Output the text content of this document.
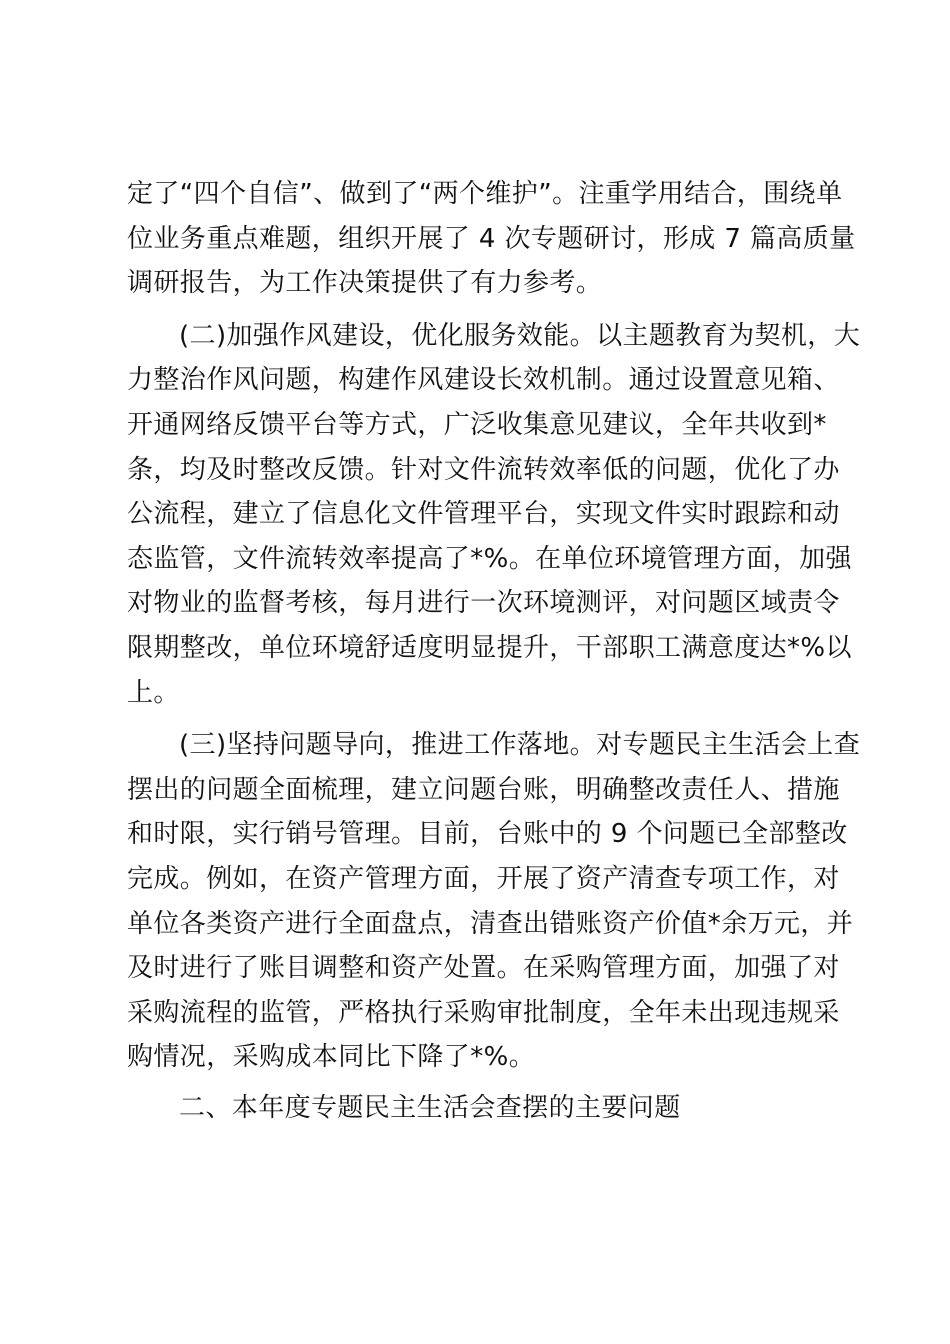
定了“四个自信”、做到了“两个维护”。注重学用结合，围绕单
位业务重点难题，组织开展了 4 次专题研讨，形成 7 篇高质量
调研报告，为工作决策提供了有力参考。
(二)加强作风建设，优化服务效能。以主题教育为契机，大
力整治作风问题，构建作风建设长效机制。通过设置意见箱、
开通网络反馈平台等方式，广泛收集意见建议，全年共收到*
条，均及时整改反馈。针对文件流转效率低的问题，优化了办
公流程，建立了信息化文件管理平台，实现文件实时跟踪和动
态监管，文件流转效率提高了*%。在单位环境管理方面，加强
对物业的监督考核，每月进行一次环境测评，对问题区域责令
限期整改，单位环境舒适度明显提升，干部职工满意度达*%以
上。
(三)坚持问题导向，推进工作落地。对专题民主生活会上查
摆出的问题全面梳理，建立问题台账，明确整改责任人、措施
和时限，实行销号管理。目前，台账中的 9 个问题已全部整改
完成。例如，在资产管理方面，开展了资产清查专项工作，对
单位各类资产进行全面盘点，清查出错账资产价值*余万元，并
及时进行了账目调整和资产处置。在采购管理方面，加强了对
采购流程的监管，严格执行采购审批制度，全年未出现违规采
购情况，采购成本同比下降了*%。
二、本年度专题民主生活会查摆的主要问题
